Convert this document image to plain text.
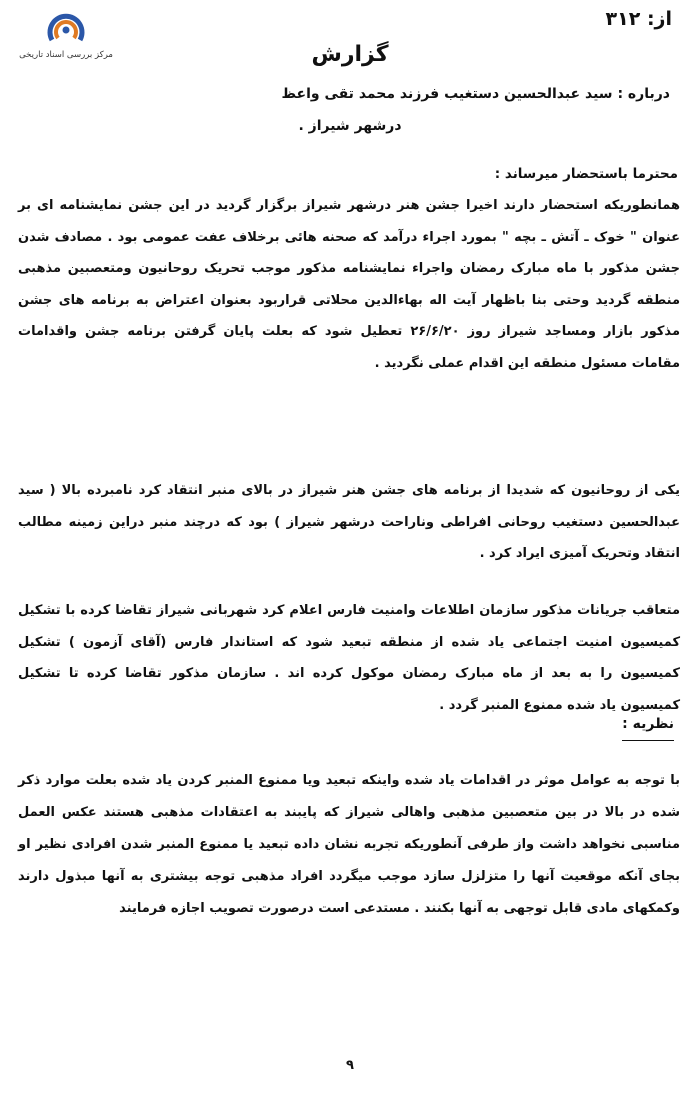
مرکز بررسی اسناد تاریخی
از: ۳۱۲
گزارش
درباره : سید عبدالحسین دستغیب فرزند محمد تقی واعظ
درشهر شیراز .
محترما باستحضار میرساند :
همانطوریکه استحضار دارند اخیرا جشن هنر درشهر شیراز برگزار گردید در این جشن نمایشنامه ای بر عنوان " خوک ـ آتش ـ بچه " بمورد اجراء درآمد که صحنه هائی برخلاف عفت عمومی بود . مصادف شدن جشن مذکور با ماه مبارک رمضان واجراء نمایشنامه مذکور موجب تحریک روحانیون ومتعصبین مذهبی منطقه گردید وحتی بنا باظهار آیت اله بهاءالدین محلاتی قراربود بعنوان اعتراض به برنامه های جشن مذکور بازار ومساجد شیراز روز ۲۶/۶/۲۰ تعطیل شود که بعلت پایان گرفتن برنامه جشن واقدامات مقامات مسئول منطقه این اقدام عملی نگردید .
یکی از روحانیون که شدیدا از برنامه های جشن هنر شیراز در بالای منبر انتقاد کرد نامبرده بالا ( سید عبدالحسین دستغیب روحانی افراطی وناراحت درشهر شیراز ) بود که درچند منبر دراین زمینه مطالب انتقاد وتحریک آمیزی ایراد کرد .
متعاقب جریانات مذکور سازمان اطلاعات وامنیت فارس اعلام کرد شهربانی شیراز تقاضا کرده با تشکیل کمیسیون امنیت اجتماعی یاد شده از منطقه تبعید شود که استاندار فارس (آقای آزمون ) تشکیل کمیسیون را به بعد از ماه مبارک رمضان موکول کرده اند . سازمان مذکور تقاضا کرده تا تشکیل کمیسیون یاد شده ممنوع المنبر گردد .
نظریه :
با توجه به عوامل موثر در اقدامات یاد شده واینکه تبعید ویا ممنوع المنبر کردن یاد شده بعلت موارد ذکر شده در بالا در بین متعصبین مذهبی واهالی شیراز که پایبند به اعتقادات مذهبی هستند عکس العمل مناسبی نخواهد داشت واز طرفی آنطوریکه تجربه نشان داده تبعید یا ممنوع المنبر شدن افرادی نظیر او بجای آنکه موقعیت آنها را متزلزل سازد موجب میگردد افراد مذهبی توجه بیشتری به آنها مبذول دارند وکمکهای مادی قابل توجهی به آنها بکنند . مستدعی است درصورت تصویب اجازه فرمایند
۹
